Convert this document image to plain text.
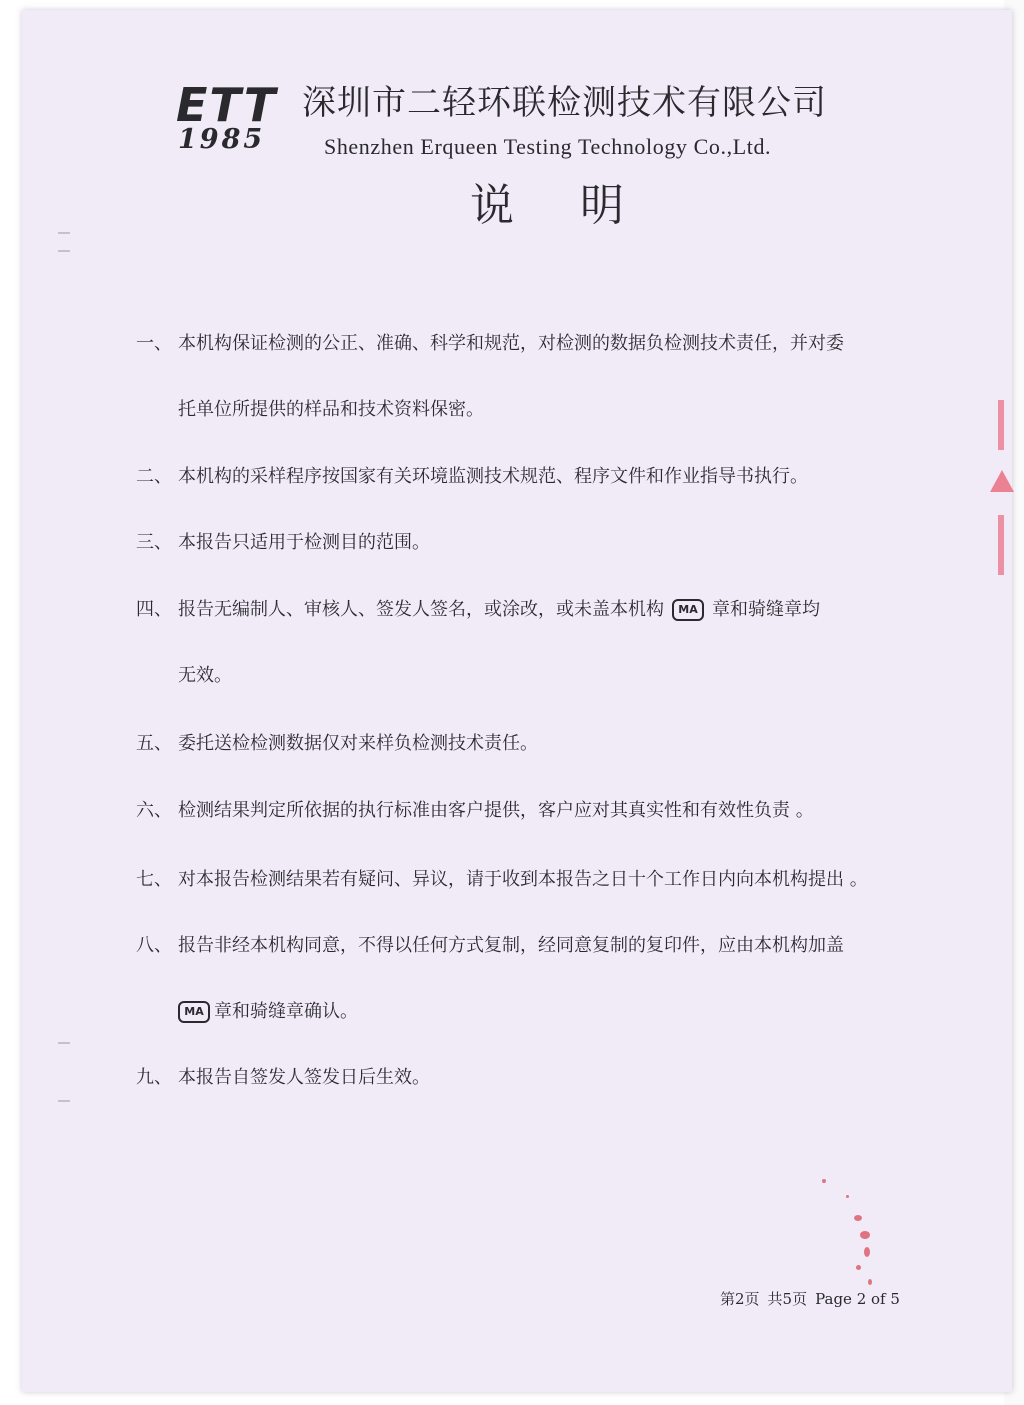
ETT
1985
深圳市二轻环联检测技术有限公司
Shenzhen Erqueen Testing Technology Co.,Ltd.
说明
一、 本机构保证检测的公正、准确、科学和规范，对检测的数据负检测技术责任，并对委
托单位所提供的样品和技术资料保密。
二、 本机构的采样程序按国家有关环境监测技术规范、程序文件和作业指导书执行。
三、 本报告只适用于检测目的范围。
四、 报告无编制人、审核人、签发人签名，或涂改，或未盖本机构 MA 章和骑缝章均
无效。
五、 委托送检检测数据仅对来样负检测技术责任。
六、 检测结果判定所依据的执行标准由客户提供，客户应对其真实性和有效性负责 。
七、 对本报告检测结果若有疑问、异议，请于收到本报告之日十个工作日内向本机构提出 。
八、 报告非经本机构同意，不得以任何方式复制，经同意复制的复印件，应由本机构加盖
MA 章和骑缝章确认。
九、 本报告自签发人签发日后生效。
第2页 共5页 Page 2 of 5
